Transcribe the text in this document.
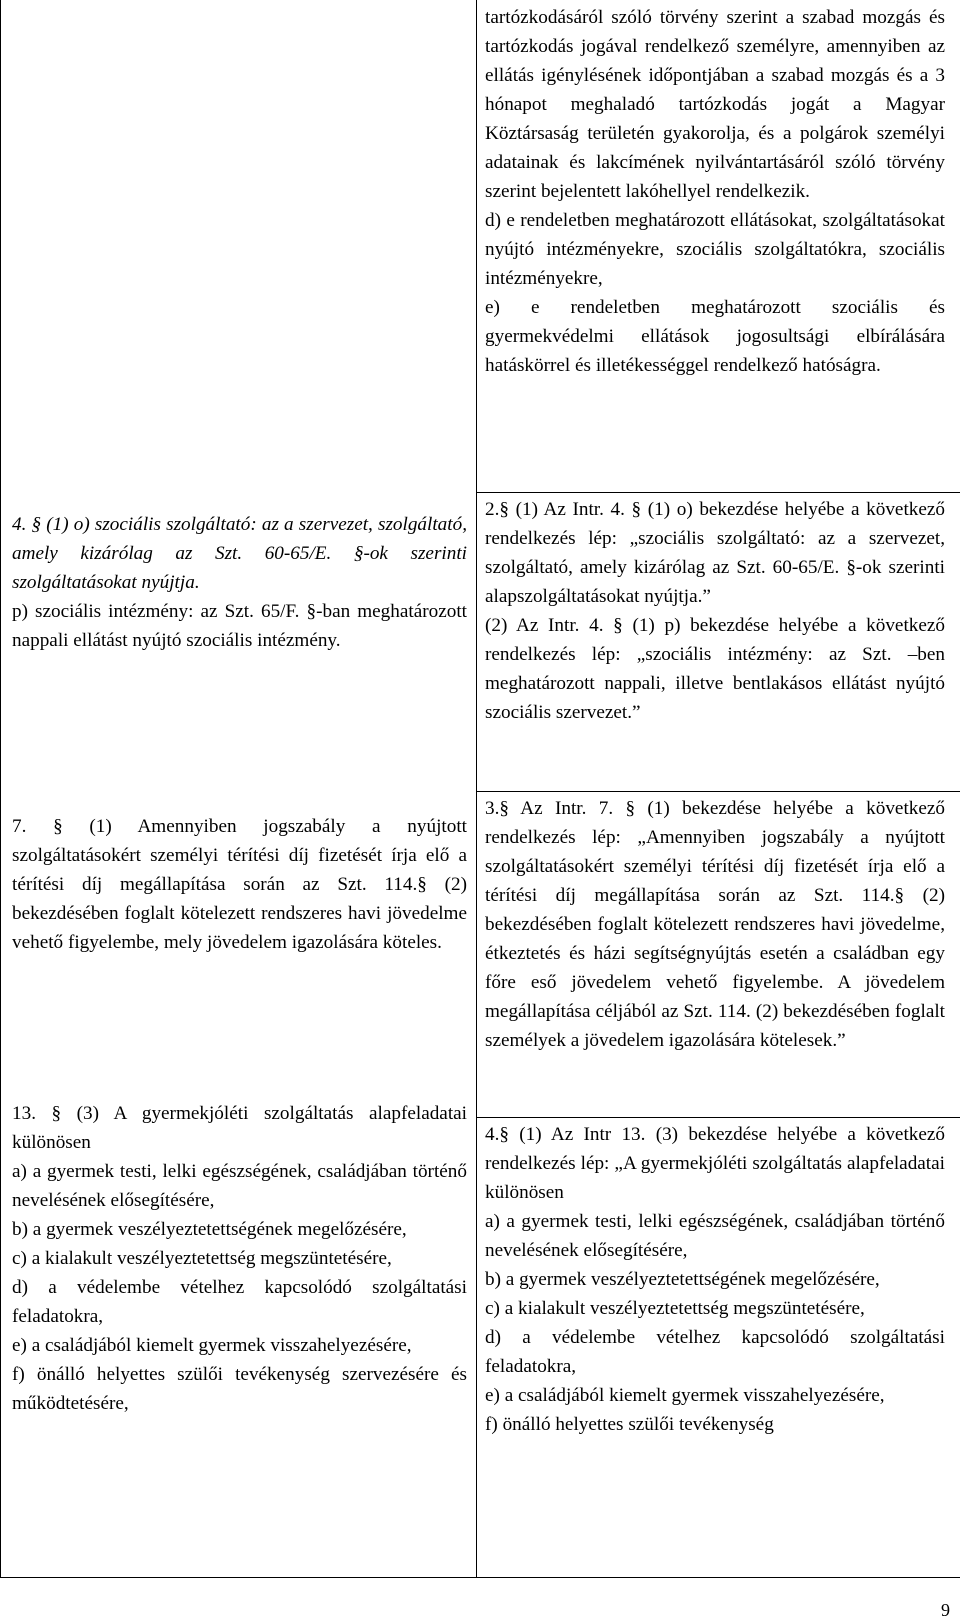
4. § (1) o) szociális szolgáltató: az a szervezet, szolgáltató, amely kizárólag az Szt. 60-65/E. §-ok szerinti szolgáltatásokat nyújtja.

p) szociális intézmény: az Szt. 65/F. §-ban meghatározott nappali ellátást nyújtó szociális intézmény.

7. § (1) Amennyiben jogszabály a nyújtott szolgáltatásokért személyi térítési díj fizetését írja elő a térítési díj megállapítása során az Szt. 114.§ (2) bekezdésében foglalt kötelezett rendszeres havi jövedelme vehető figyelembe, mely jövedelem igazolására köteles.

13. § (3) A gyermekjóléti szolgáltatás alapfeladatai különösen

a) a gyermek testi, lelki egészségének, családjában történő nevelésének elősegítésére,

b) a gyermek veszélyeztetettségének megelőzésére,

c) a kialakult veszélyeztetettség megszüntetésére,

d) a védelembe vételhez kapcsolódó szolgáltatási feladatokra,

e) a családjából kiemelt gyermek visszahelyezésére,

f) önálló helyettes szülői tevékenység szervezésére és működtetésére,

tartózkodásáról szóló törvény szerint a szabad mozgás és tartózkodás jogával rendelkező személyre, amennyiben az ellátás igénylésének időpontjában a szabad mozgás és a 3 hónapot meghaladó tartózkodás jogát a Magyar Köztársaság területén gyakorolja, és a polgárok személyi adatainak és lakcímének nyilvántartásáról szóló törvény szerint bejelentett lakóhellyel rendelkezik.

d) e rendeletben meghatározott ellátásokat, szolgáltatásokat nyújtó intézményekre, szociális szolgáltatókra, szociális intézményekre,

e) e rendeletben meghatározott szociális és gyermekvédelmi ellátások jogosultsági elbírálására hatáskörrel és illetékességgel rendelkező hatóságra.

2.§ (1) Az Intr. 4. § (1) o) bekezdése helyébe a következő rendelkezés lép: „szociális szolgáltató: az a szervezet, szolgáltató, amely kizárólag az Szt. 60-65/E. §-ok szerinti alapszolgáltatásokat nyújtja.”

(2) Az Intr. 4. § (1) p) bekezdése helyébe a következő rendelkezés lép: „szociális intézmény: az Szt. –ben meghatározott nappali, illetve bentlakásos ellátást nyújtó szociális szervezet.”

3.§ Az Intr. 7. § (1) bekezdése helyébe a következő rendelkezés lép: „Amennyiben jogszabály a nyújtott szolgáltatásokért személyi térítési díj fizetését írja elő a térítési díj megállapítása során az Szt. 114.§ (2) bekezdésében foglalt kötelezett rendszeres havi jövedelme, étkeztetés és házi segítségnyújtás esetén a családban egy főre eső jövedelem vehető figyelembe. A jövedelem megállapítása céljából az Szt. 114. (2) bekezdésében foglalt személyek a jövedelem igazolására kötelesek.”

4.§ (1) Az Intr 13. (3) bekezdése helyébe a következő rendelkezés lép: „A gyermekjóléti szolgáltatás alapfeladatai különösen

a) a gyermek testi, lelki egészségének, családjában történő nevelésének elősegítésére,

b) a gyermek veszélyeztetettségének megelőzésére,

c) a kialakult veszélyeztetettség megszüntetésére,

d) a védelembe vételhez kapcsolódó szolgáltatási feladatokra,

e) a családjából kiemelt gyermek visszahelyezésére,

f) önálló helyettes szülői tevékenység

9
